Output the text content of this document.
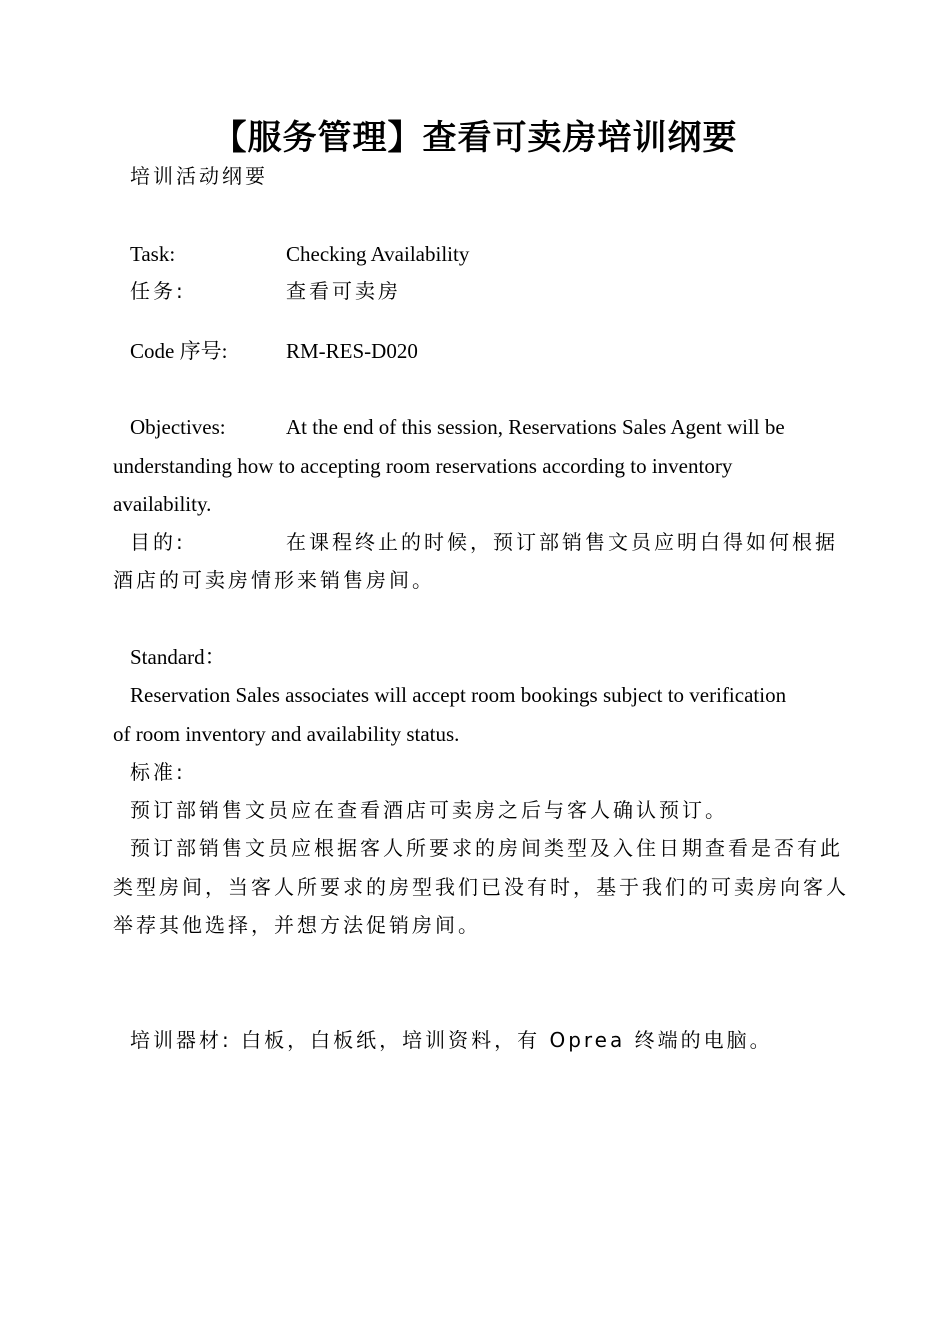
【服务管理】查看可卖房培训纲要
培训活动纲要
Task:	Checking Availability
任务:	查看可卖房
Code 序号:	RM-RES-D020
Objectives:	At the end of this session, Reservations Sales Agent will be
understanding how to accepting room reservations according to inventory
availability.
目的:	在课程终止的时候，预订部销售文员应明白得如何根据
酒店的可卖房情形来销售房间。
Standard：
Reservation Sales associates will accept room bookings subject to verification
of room inventory and availability status.
标准:
预订部销售文员应在查看酒店可卖房之后与客人确认预订。
预订部销售文员应根据客人所要求的房间类型及入住日期查看是否有此
类型房间，当客人所要求的房型我们已没有时，基于我们的可卖房向客人
举荐其他选择，并想方法促销房间。
培训器材: 白板，白板纸，培训资料，有 Oprea 终端的电脑。
